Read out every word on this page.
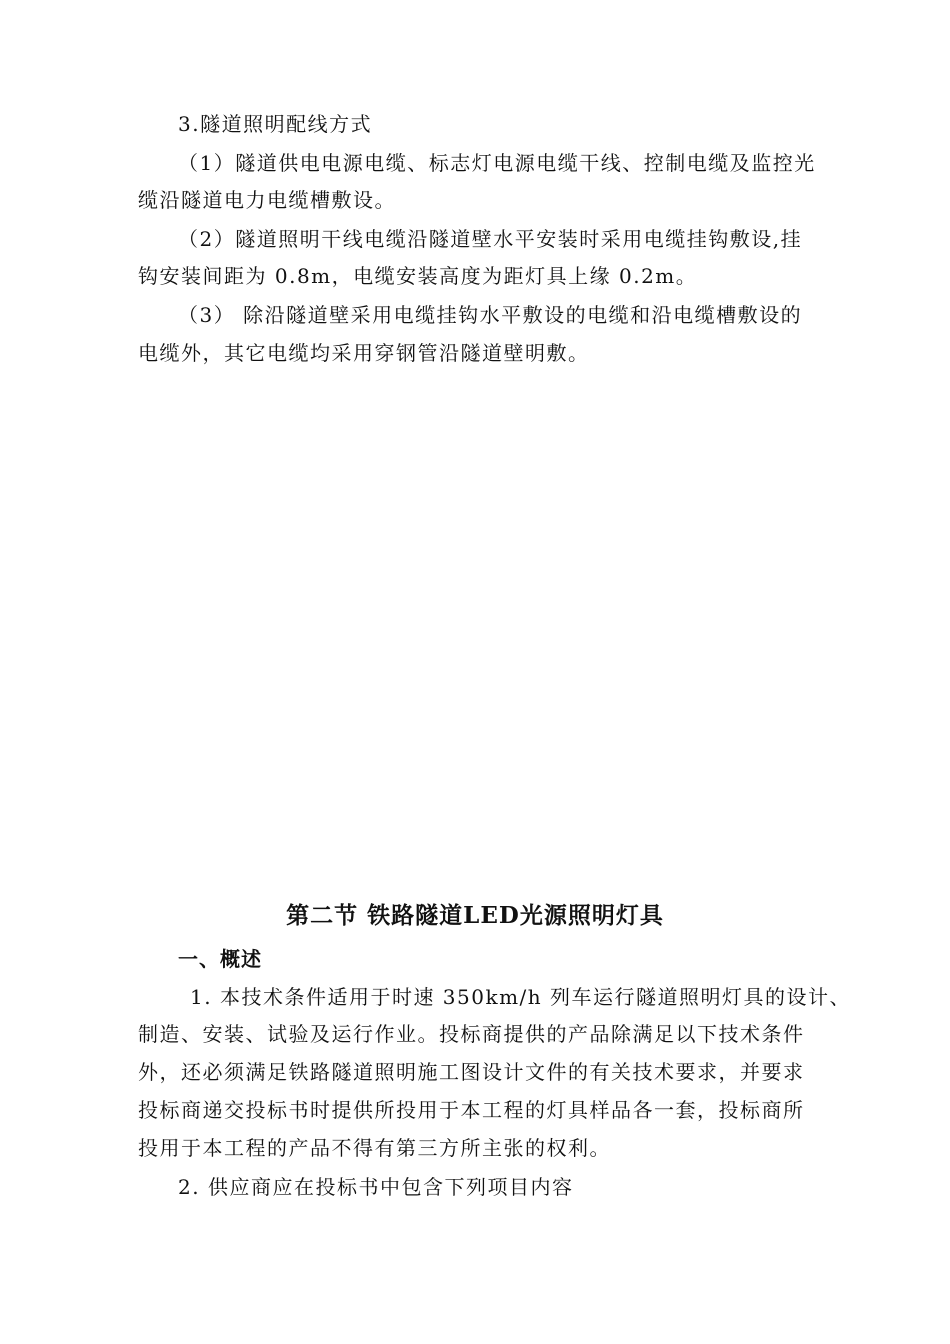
3.隧道照明配线方式
（1）隧道供电电源电缆、标志灯电源电缆干线、控制电缆及监控光
缆沿隧道电力电缆槽敷设。
（2）隧道照明干线电缆沿隧道壁水平安装时采用电缆挂钩敷设,挂
钩安装间距为 0.8m，电缆安装高度为距灯具上缘 0.2m。
（3） 除沿隧道壁采用电缆挂钩水平敷设的电缆和沿电缆槽敷设的
电缆外，其它电缆均采用穿钢管沿隧道壁明敷。
第二节 铁路隧道LED光源照明灯具
一、概述
1. 本技术条件适用于时速 350km/h 列车运行隧道照明灯具的设计、
制造、安装、试验及运行作业。投标商提供的产品除满足以下技术条件
外，还必须满足铁路隧道照明施工图设计文件的有关技术要求，并要求
投标商递交投标书时提供所投用于本工程的灯具样品各一套，投标商所
投用于本工程的产品不得有第三方所主张的权利。
2. 供应商应在投标书中包含下列项目内容
